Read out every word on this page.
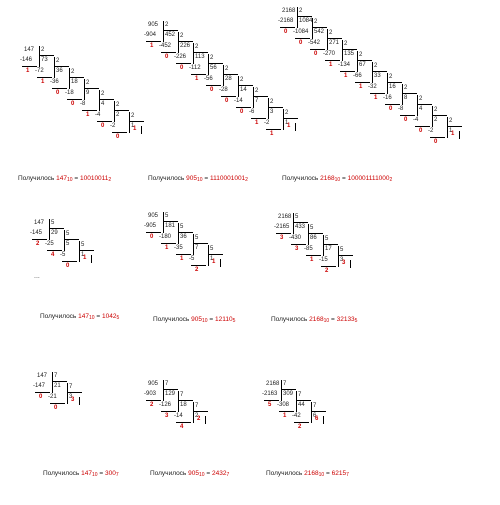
147 2
73
-146
1
2
36
-72
1
2
18
-36
0
2
9
-18
0
2
4
-8
1
2
2
-4
0
2
1
-2
0
1
905 2
452
-904
1
2
226
-452
0
2
113
-226
0
2
56
-112
1
2
28
-56
0
2
14
-28
0
2
7
-14
0
2
3
-6
1
2
1
-2
1
1
2168 2
1084
-2168
0
2
542
-1084
0
2
271
-542
0
2
135
-270
1
2
67
-134
1
2
33
-66
1
2
16
-32
1
2
8
-16
0
2
4
-8
0
2
2
-4
0
2
1
-2
0
1
147 5
29
-145
2
5
5
-25
4
5
1
-5
0
1
905 5
181
-905
0
5
36
-180
1
5
7
-35
1
5
1
-5
2
1
2168 5
433
-2165
3
5
86
-430
3
5
17
-85
1
5
3
-15
2
3
147 7
21
-147
0
7
3
-21
0
3
905 7
129
-903
2
7
18
-126
3
7
2
-14
4
2
2168 7
309
-2163
5
7
44
-308
1
7
6
-42
2
6
...
Получилось $147_{10} = 10010011_2$	Получилось $905_{10} = 1110001001_2$	Получилось $2168_{10} = 100001111000_2$
Получилось $147_{10} = 1042_5$	Получилось $905_{10} = 12110_5$	Получилось $2168_{10} = 32133_5$
Получилось $147_{10} = 300_7$	Получилось $905_{10} = 2432_7$	Получилось $2168_{10} = 6215_7$
